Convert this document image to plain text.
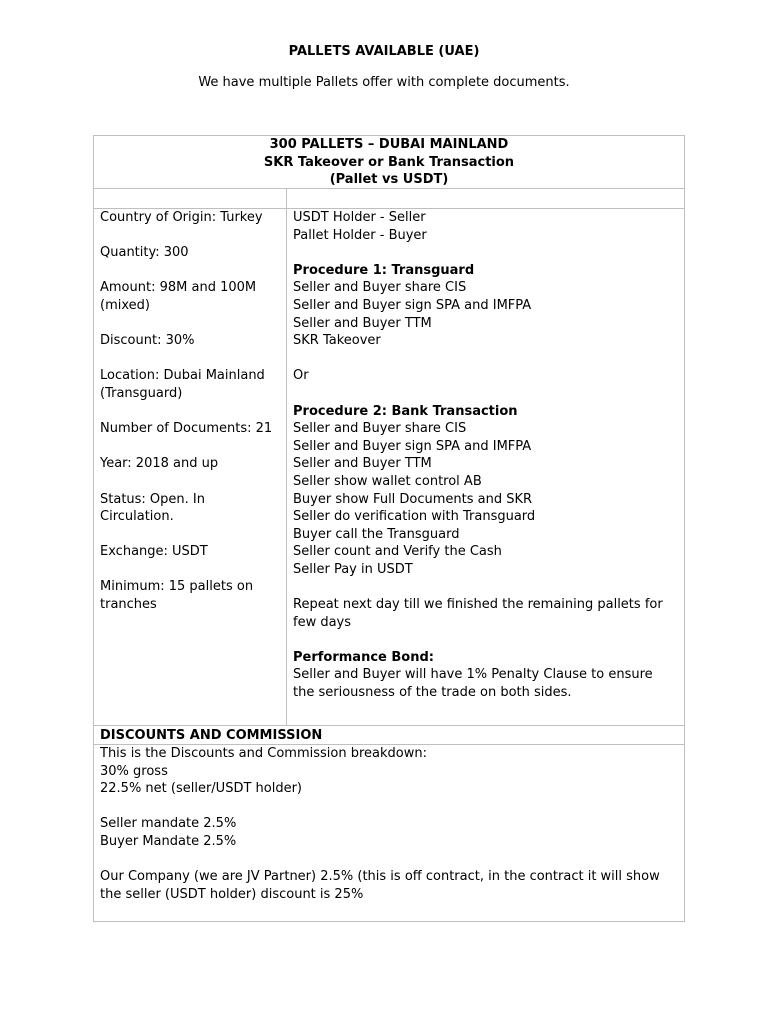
PALLETS AVAILABLE (UAE)
We have multiple Pallets offer with complete documents.
300 PALLETS – DUBAI MAINLAND
SKR Takeover or Bank Transaction
(Pallet vs USDT)
Country of Origin: Turkey
Quantity: 300
Amount: 98M and 100M
(mixed)
Discount: 30%
Location: Dubai Mainland
(Transguard)
Number of Documents: 21
Year: 2018 and up
Status: Open. In
Circulation.
Exchange: USDT
Minimum: 15 pallets on
tranches
USDT Holder - Seller
Pallet Holder - Buyer
Procedure 1: Transguard
Seller and Buyer share CIS
Seller and Buyer sign SPA and IMFPA
Seller and Buyer TTM
SKR Takeover
Or
Procedure 2: Bank Transaction
Seller and Buyer share CIS
Seller and Buyer sign SPA and IMFPA
Seller and Buyer TTM
Seller show wallet control AB
Buyer show Full Documents and SKR
Seller do verification with Transguard
Buyer call the Transguard
Seller count and Verify the Cash
Seller Pay in USDT
Repeat next day till we finished the remaining pallets for
few days
Performance Bond:
Seller and Buyer will have 1% Penalty Clause to ensure
the seriousness of the trade on both sides.
DISCOUNTS AND COMMISSION
This is the Discounts and Commission breakdown:
30% gross
22.5% net (seller/USDT holder)
Seller mandate 2.5%
Buyer Mandate 2.5%
Our Company (we are JV Partner) 2.5% (this is off contract, in the contract it will show
the seller (USDT holder) discount is 25%
